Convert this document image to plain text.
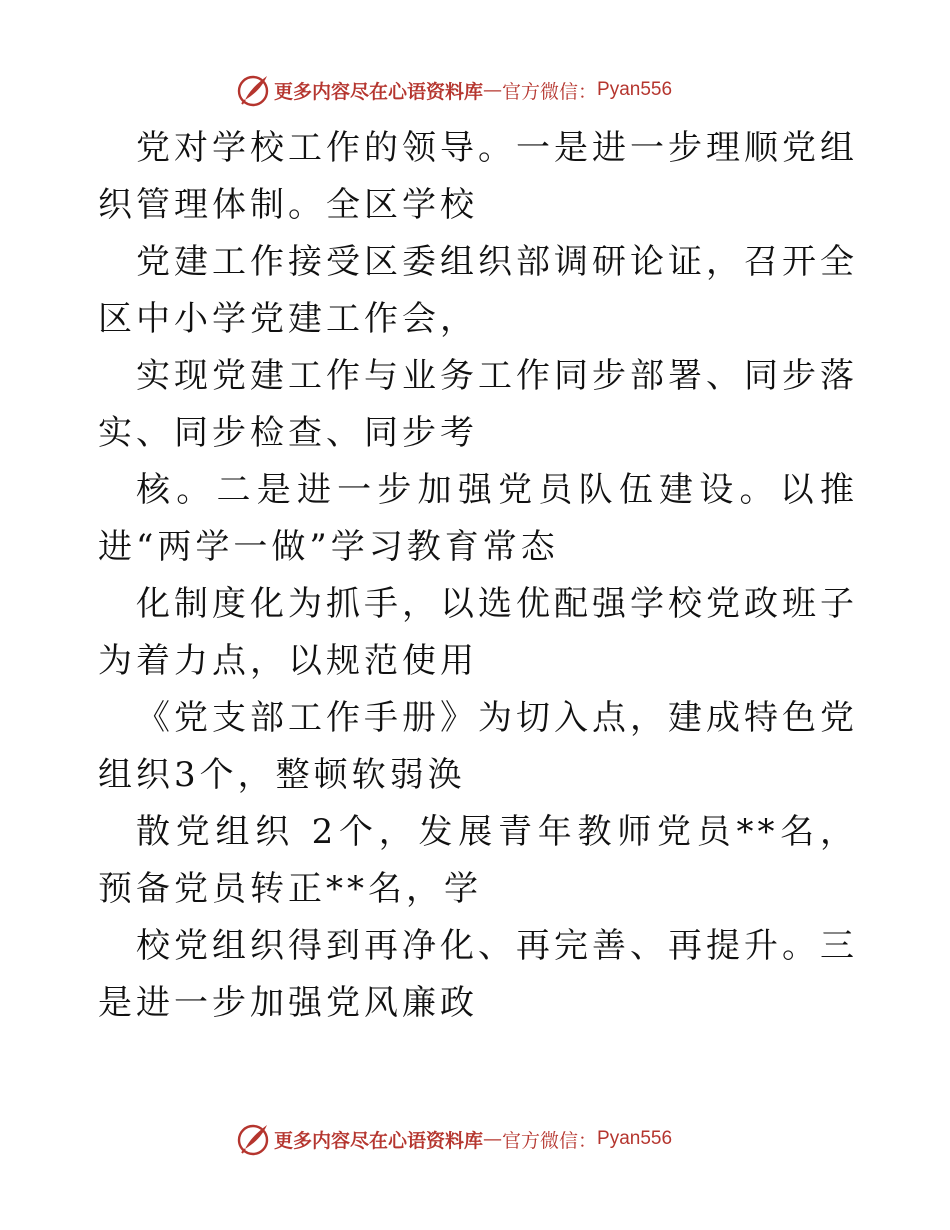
更多内容尽在心语资料库 — 官方微信： Pyan556

党对学校工作的领导。一是进一步理顺党组织管理体制。全区学校

党建工作接受区委组织部调研论证，召开全区中小学党建工作会，

实现党建工作与业务工作同步部署、同步落实、同步检查、同步考

核。二是进一步加强党员队伍建设。以推进“两学一做”学习教育常态

化制度化为抓手，以选优配强学校党政班子为着力点，以规范使用

《党支部工作手册》为切入点，建成特色党组织3个，整顿软弱涣

散党组织 2个，发展青年教师党员**名，预备党员转正**名，学

校党组织得到再净化、再完善、再提升。三是进一步加强党风廉政

更多内容尽在心语资料库 — 官方微信： Pyan556
